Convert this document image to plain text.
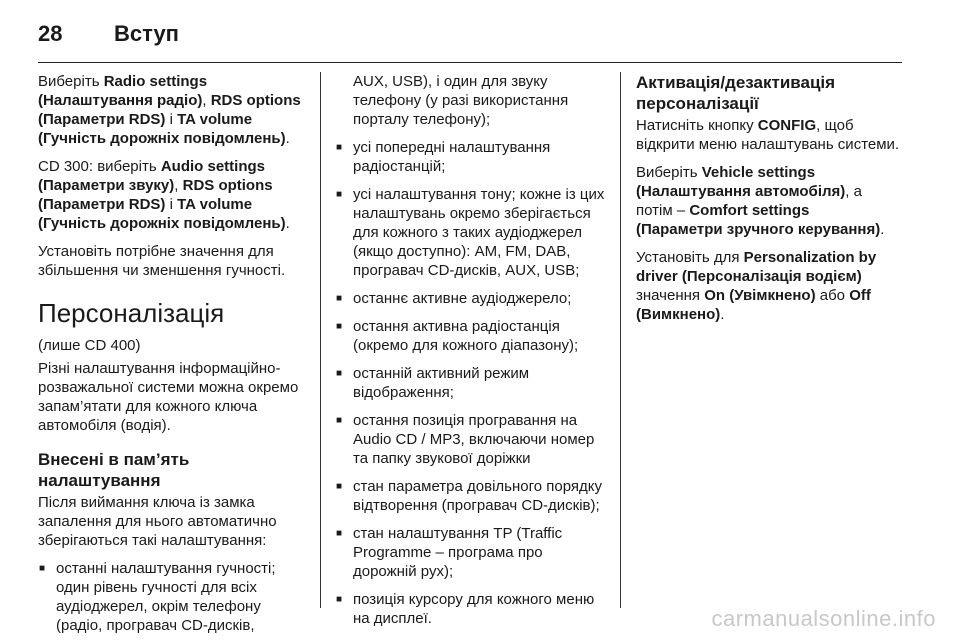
28	Вступ

Виберіть Radio settings (Налаштування радіо), RDS options (Параметри RDS) і TA volume (Гучність дорожніх повідомлень).

CD 300: виберіть Audio settings (Параметри звуку), RDS options (Параметри RDS) і TA volume (Гучність дорожніх повідомлень).

Установіть потрібне значення для збільшення чи зменшення гучності.

Персоналізація

(лише CD 400)

Різні налаштування інформаційно-розважальної системи можна окремо запам’ятати для кожного ключа автомобіля (водія).

Внесені в пам’ять налаштування

Після виймання ключа із замка запалення для нього автоматично зберігаються такі налаштування:

■ останні налаштування гучності; один рівень гучності для всіх аудіоджерел, окрім телефону (радіо, програвач CD-дисків,

AUX, USB), і один для звуку телефону (у разі використання порталу телефону);

■ усі попередні налаштування радіостанцій;
■ усі налаштування тону; кожне із цих налаштувань окремо зберігається для кожного з таких аудіоджерел (якщо доступно): AM, FM, DAB, програвач CD-дисків, AUX, USB;
■ останнє активне аудіоджерело;
■ остання активна радіостанція (окремо для кожного діапазону);
■ останній активний режим відображення;
■ остання позиція програвання на Audio CD / MP3, включаючи номер та папку звукової доріжки
■ стан параметра довільного порядку відтворення (програвач CD-дисків);
■ стан налаштування TP (Traffic Programme – програма про дорожній рух);
■ позиція курсору для кожного меню на дисплеї.
Активація/дезактивація персоналізації

Натисніть кнопку CONFIG, щоб відкрити меню налаштувань системи.

Виберіть Vehicle settings (Налаштування автомобіля), а потім – Comfort settings (Параметри зручного керування).

Установіть для Personalization by driver (Персоналізація водієм) значення On (Увімкнено) або Off (Вимкнено).

carmanualsonline.info
